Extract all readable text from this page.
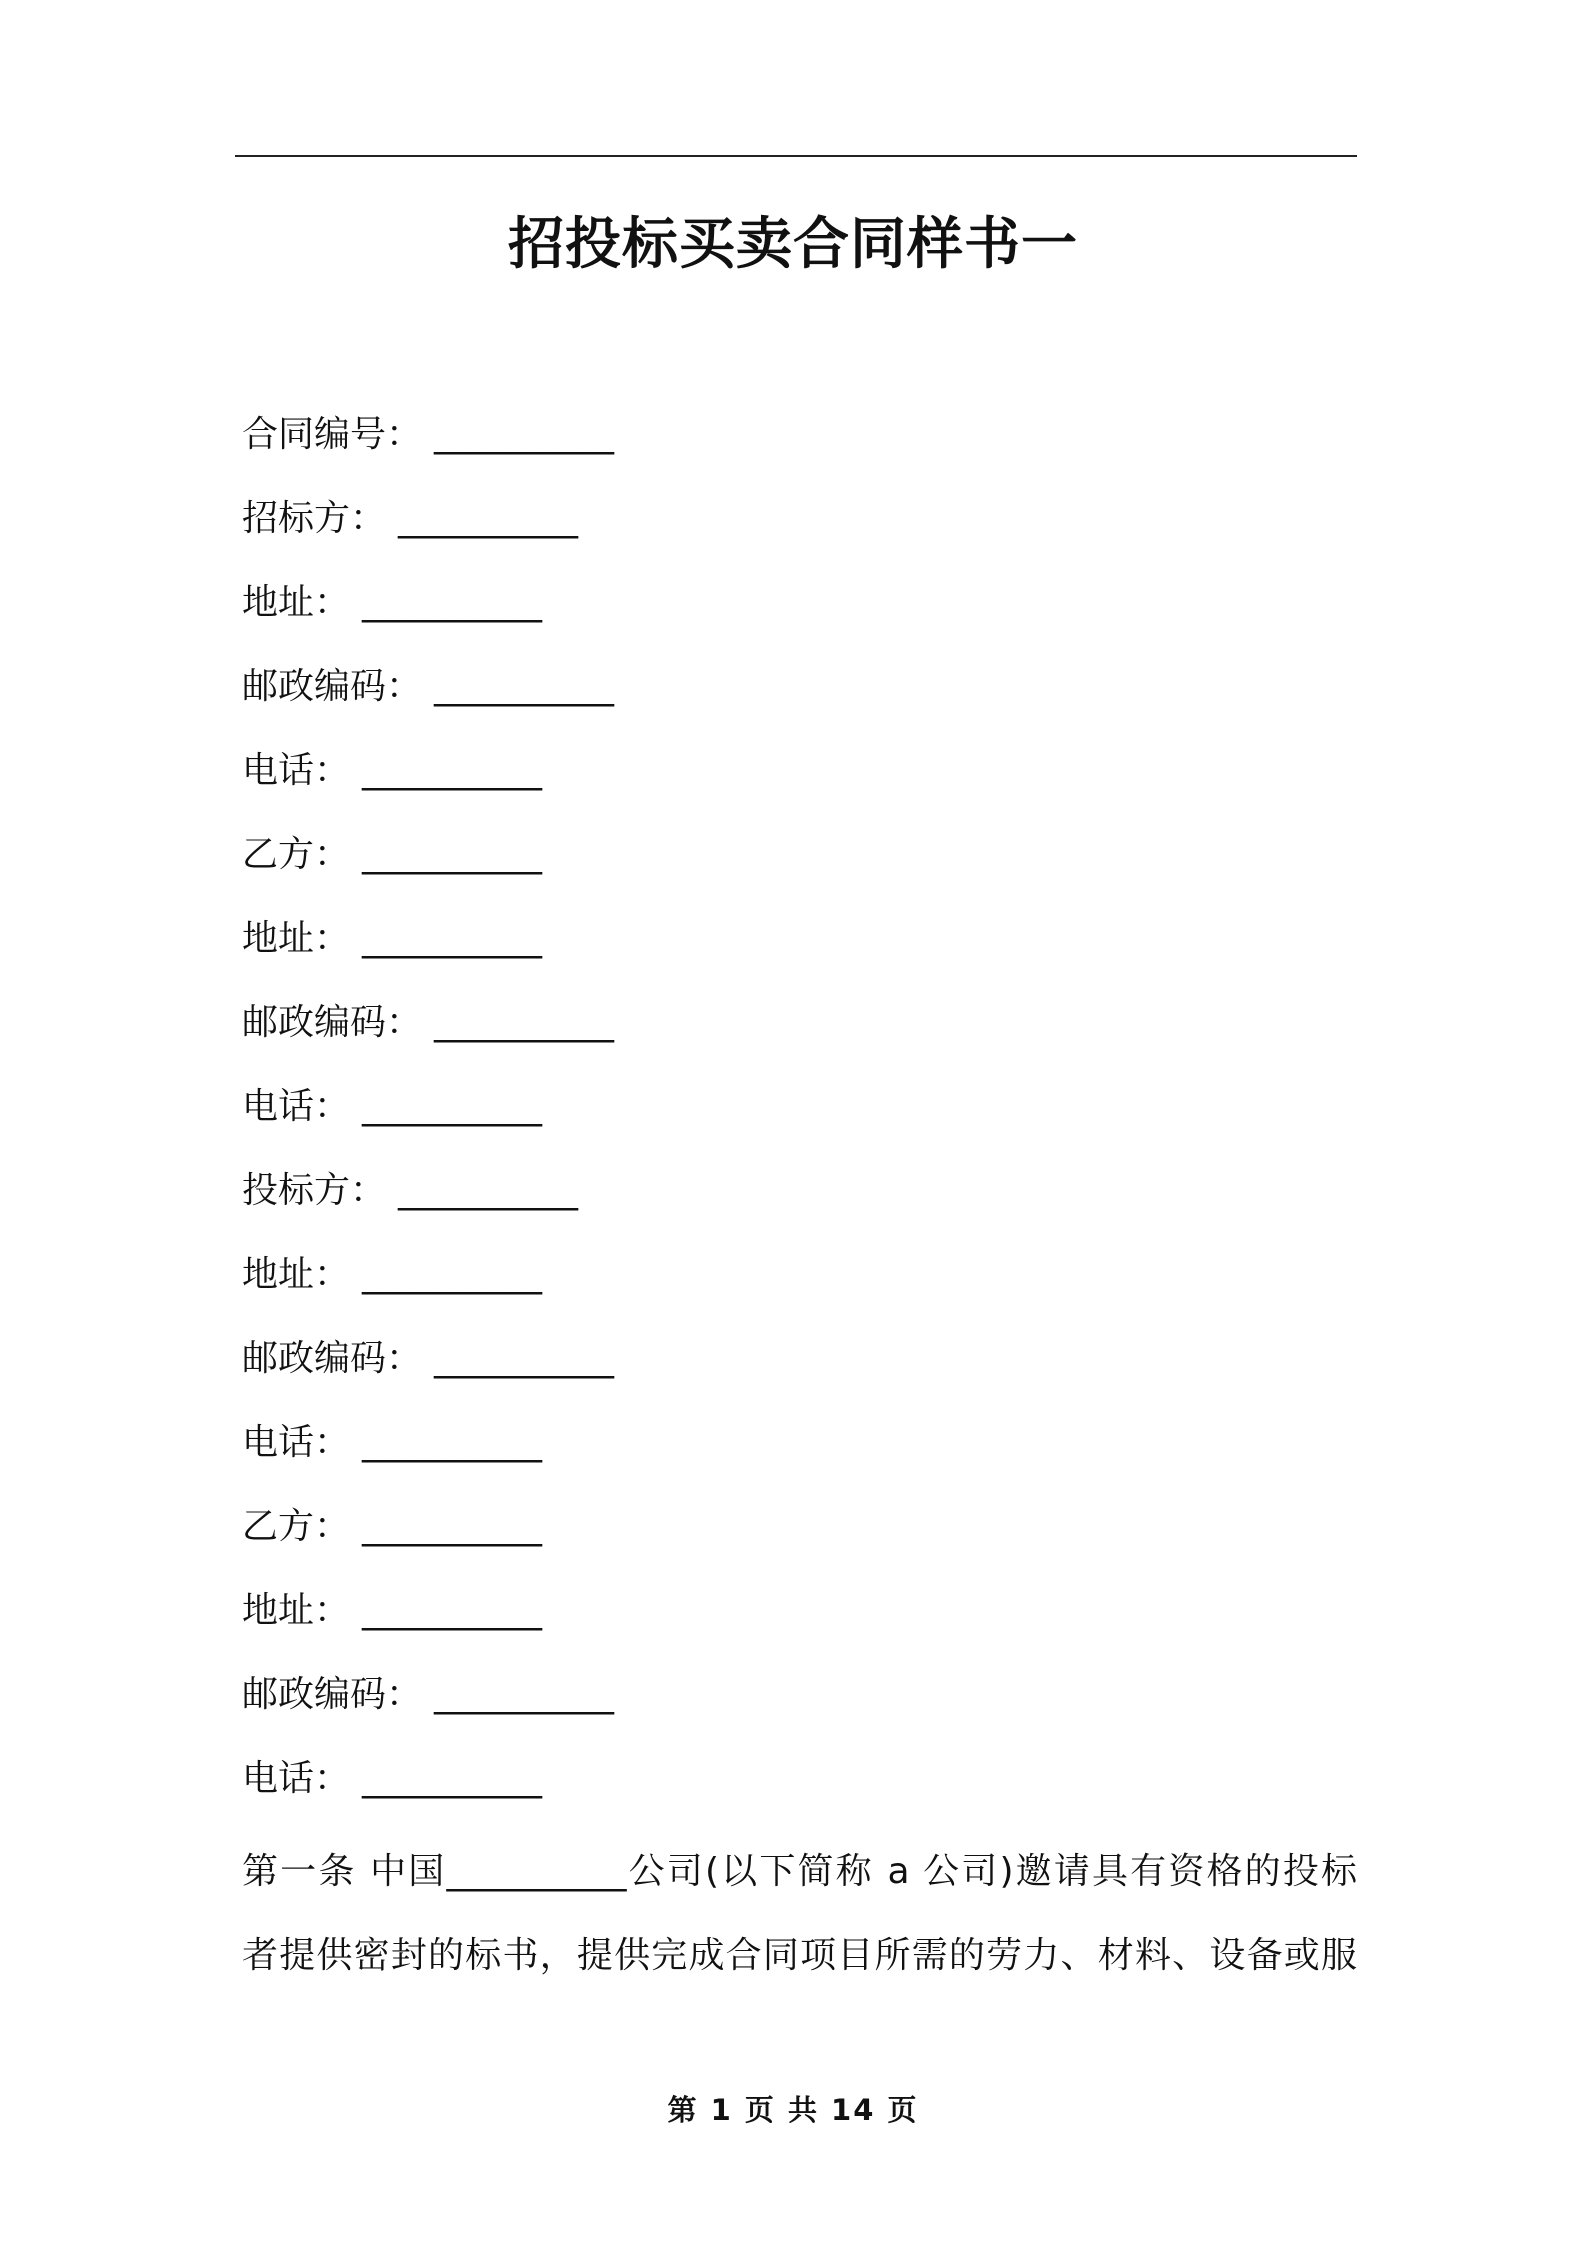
招投标买卖合同样书一
合同编号： __________
招标方： __________
地址： __________
邮政编码： __________
电话： __________
乙方： __________
地址： __________
邮政编码： __________
电话： __________
投标方： __________
地址： __________
邮政编码： __________
电话： __________
乙方： __________
地址： __________
邮政编码： __________
电话： __________
第一条 中国__________公司(以下简称 a 公司)邀请具有资格的投标
者提供密封的标书，提供完成合同项目所需的劳力、材料、设备或服
第 1 页 共 14 页
